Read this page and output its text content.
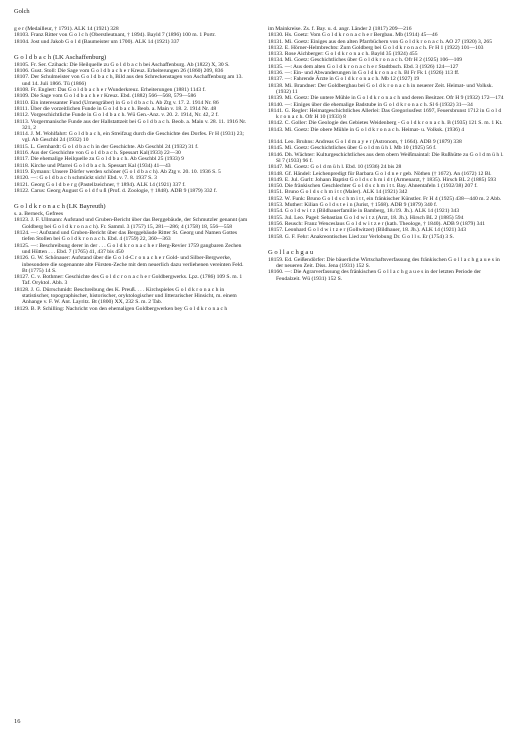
Golch
g e r (Medailleur, † 1791). ALK 14 (1921) 328
18103. Franz Ritter von G o l c h (Oberstleutnant, † 1894). Bayld 7 (1896) 100 m. 1 Portr.
18104. Jost und Jakob G o l d (Baumeister um 1700). ALK 14 (1921) 337
G o l d b a c h (LK Aschaffenburg)
18105. Fr. Ser. Czihack: Die Heilquelle zu G o l d b a c h bei Aschaffenburg. Ab (1822) X, 30 S.
18106. Gust. Stoll: Die Sage vom G o l d b a c h e r Kreuz. Erheiterungen 26 (1860) 209, 836
18107. Der Schulmeister von G o l d b a c h, Bild aus den Schreckenstagen von Aschaffenburg am 13. und 14. Juli 1866. Tü (1866)
18108. Fr. Englert: Das G o l d b a c h e r Wunderkreuz. Erheiterungen (1881) 1143 f.
18109. Die Sage vom G o l d b a c h e r Kreuz. Ebd. (1882) 566—568, 579—586
18110. Ein interessanter Fund (Urnengräber) in G o l d b a c h. Ab Ztg v. 17. 2. 1914 Nr. 86
18111. Über die vorzeitlichen Funde in G o l d b a c h. Beob. a. Main v. 18. 2. 1914 Nr. 48
18112. Vorgeschichtliche Funde in G o l d b a c h. Wü Gen.-Anz. v. 20. 2. 1914, Nr. 42, 2 f.
18113. Vorgermanische Funde aus der Hallstattzeit bei G o l d b a c h. Beob. a. Main v. 28. 11. 1916 Nr. 321, 2
18114. J. M. Wohlfahrt: G o l d b a c h, ein Streifzug durch die Geschichte des Dorfes. Fr H (1931) 23; vgl. Ab Geschbl 24 (1932) 10
18115. L. Gernhardt: G o l d b a c h in der Geschichte. Ab Geschbl 24 (1932) 31 f.
18116. Aus der Geschichte von G o l d b a c h. Spessart Kal(1933) 22—30
18117. Die ehemalige Heilquelle zu G o l d b a c h. Ab Geschbl 25 (1933) 9
18118. Kirche und Pfarrei G o l d b a c h. Spessart Kal (1934) 41—43
18119. Eymann: Unsere Dörfer werden schöner (G o l d b a c h). Ab Ztg v. 20. 10. 1936 S. 5
18120. —: G o l d b a c h schmückt sich! Ebd. v. 7. 8. 1937 S. 3
18121. Georg G o l d b e r g (Pastellzeichner, † 1894). ALK 14 (1921) 337 f.
18122. Carus: Georg August G o l d f u ß (Prof. d. Zoologie, † 1848). ADB 9 (1879) 332 f.
G o l d k r o n a c h (LK Bayreuth)
s. a. Berneck, Gefrees
18123. J. F. Ullmann: Aufstand und Gruben-Bericht über das Berggebäude, der Schmutzler genannt (am Goldberg bei G o l d k r o n a c h). Fr. Samml. 3 (1757) 15, 281—286; 4 (1758) 18, 556—558
18124. —: Aufstand und Gruben-Bericht über das Berggebäude Ritter St. Georg und Namen Gottes tiefen Stollen bei G o l d k r o n a c h. Ebd. 4 (1759) 22, 360—363
18125. —: Beschreibung derer in der . . . G o l d k r o n a c h e r Berg-Revier 1759 gangbaren Zechen und Hütten . . . Ebd. 7 (1765) 41, 437 bis 450
18126. G. W. Schönauer: Aufstand über die G o l d-C r o n a c h e r Gold- und Silber-Bergwerke, inbesondere die sogenannte alte Fürsten-Zeche mit dem neuerlich dazu verliehenen vereinten Feld. Bt (1775) 14 S.
18127. C. v. Bothmer: Geschichte des G o l d c r o n a c h e r Goldbergwerks. Lpz. (1786) 109 S. m. 1 Taf. Oryktol. Abh. 3
18128. J. G. Dürrschmidt: Beschreibung des K. Preuß. . . . Kirchspieles G o l d k r o n a c h in statistischer, topographischer, historischer, oryktologischer und litterarischer Hinsicht, m. einem Anhange v. F. W. Ant. Layritz. Bt (1800) XX, 232 S. m. 2 Tab.
18129. B. P. Schilling: Nachricht von den ehemaligen Goldbergwerken bey G o l d k r o n a c h
im Mainkreise. Zs. f. Bay. u. d. angr. Länder 2 (1817) 209—216
18130. Hs. Goetz: Vom G o l d k r o n a c h e r Bergbau. Mb (1914) 45—46
18131. Mi. Goetz: Einiges aus den alten Pfarrbüchern von G o l d k r o n a c h. AO 27 (1920) 3, 265
18132. E. Hörner-Helmbrechts: Zum Goldberg bei G o l d k r o n a c h. Fr H 1 (1922) 101—103
18133. Rose Aichberger: G o l d k r o n a c h. Bayld 35 (1924) 455
18134. Mi. Goetz: Geschichtliches über G o l d k r o n a c h. Ofr H 2 (1925) 106—109
18135. —: Aus dem alten G o l d k r o n a c h e r Stadtbuch. Ebd. 3 (1926) 124—127
18136. —: Ein- und Abwanderungen in G o l d k r o n a c h. Bl Fr Fk 1 (1926) 113 ff.
18137. —: Fahrende Ärzte in G o l d k r o n a c h. Mb 12 (1927) 19
18138. Mi. Brandner: Der Goldbergbau bei G o l d k r o n a c h in neuerer Zeit. Heimat- und Volksk. (1932) 11
18139. Mi. Goetz: Die untere Mühle in G o l d k r o n a c h und deren Besitzer. Ofr H 9 (1932) 172—174
18140. —: Einiges über die ehemalige Badstube in G o l d k r o n a c h. Sl 6 (1932) 31—34
18141. G. Regler: Heimatgeschichtliches Allerlei: Das Gregoriusfest 1697, Feuersbrunst 1712 in G o l d k r o n a c h. Ofr H 10 (1933) 8
18142. C. Goller: Die Geologie des Gebietes Weidenberg - G o l d k r o n a c h. B (1935) 121 S. m. 1 Kt.
18143. Mi. Goetz: Die obere Mühle in G o l d k r o n a c h. Heimat- u. Volksk. (1936) 4
18144. Leo. Bruhns: Andreas G o l d m a y e r (Astronom, † 1664). ADB 9 (1879) 338
18145. Mi. Goetz: Geschichtliches über G o l d m ü h l. Mb 10 (1925) 56 f.
18146. Dh. Wächter: Kulturgeschichtliches aus dem obern Weißmaintal: Die Rußhütte zu G o l d m ü h l. Sl 7 (1933) 96 f.
18147. Mi. Goetz: G o l d m ü h l. Ebd. 10 (1936) 24 bis 28
18148. Gf. Händel: Leichenpredigt für Barbara G o l d n e r geb. Nöthen († 1672). An (1672) 12 Bl.
18149. E. Jul. Gurlt: Johann Baptist G o l d s c h m i d t (Armenarzt, † 1835). Hirsch BL 2 (1885) 593
18150. Die fränkischen Geschlechter G o l d s c h m i t t. Bay. Ahnentafeln 1 (1932/38) 207 f.
18151. Bruno G o l d s c h m i t t (Maler). ALK 14 (1921) 342
18152. W. Funk: Bruno G o l d s c h m i t t, ein fränkischer Künstler. Fr H 4 (1925) 438—440 m. 2 Abb.
18153. Muther: Kilian G o l d s t e i n (Jurist, † 1568). ADB 9 (1879) 340 f.
18154. G o l d w i t z (Bildhauerfamilie in Bamberg, 18./19. Jh.). ALK 14 (1921) 343
18155. Jul. Leo. Pagel: Sebastian G o l d w i t z (Arzt, 18. Jh.). Hirsch BL 2 (1885) 594
18156. Reusch: Franz Wenceslaus G o l d w i t z e r (kath. Theologe, † 1840). ADB 9 (1879) 341
18157. Leonhard G o l d w i t z e r (Gollwitzer) (Bildhauer, 18. Jh.). ALK 14 (1921) 343
18158. G. F. Fehr: Anakreontisches Lied zur Verlobung Dr. G o l l s. Er (1754) 3 S.
G o l l a c h g a u
18159. Ed. Geißendörfer: Die bäuerliche Wirtschaftsverfassung des fränkischen G o l l a c h g a u e s in der neueren Zeit. Diss. Jena (1931) 152 S.
18160. —: Die Agrarverfassung des fränkischen G o l l a c h g a u e s in der letzten Periode der Feudalzeit. Wü (1931) 152 S.
16
